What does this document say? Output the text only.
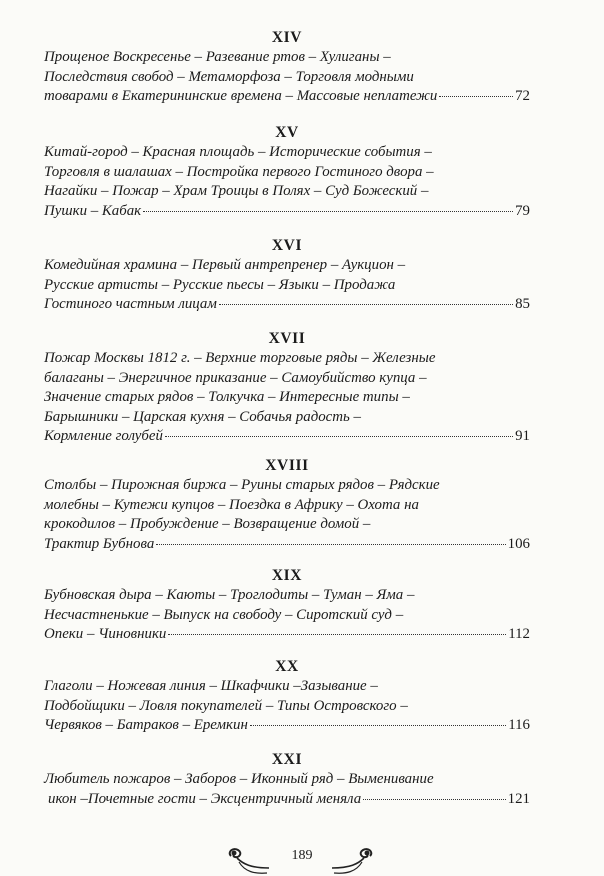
XIV
Прощеное Воскресенье – Разевание ртов – Хулиганы –
Последствия свобод – Метаморфоза – Торговля модными
товарами в Екатерининские времена – Массовые неплатежи	72
XV
Китай-город – Красная площадь – Исторические события –
Торговля в шалашах – Постройка первого Гостиного двора –
Нагайки – Пожар – Храм Троицы в Полях – Суд Божеский –
Пушки – Кабак	79
XVI
Комедийная храмина – Первый антрепренер – Аукцион –
Русские артисты – Русские пьесы – Языки – Продажа
Гостиного частным лицам	85
XVII
Пожар Москвы 1812 г. – Верхние торговые ряды – Железные
балаганы – Энергичное приказание – Самоубийство купца –
Значение старых рядов – Толкучка – Интересные типы –
Барышники – Царская кухня – Собачья радость –
Кормление голубей	91
XVIII
Столбы – Пирожная биржа – Руины старых рядов – Рядские
молебны – Кутежи купцов – Поездка в Африку – Охота на
крокодилов – Пробуждение – Возвращение домой –
Трактир Бубнова	106
XIX
Бубновская дыра – Каюты – Троглодиты – Туман – Яма –
Несчастненькие – Выпуск на свободу – Сиротский суд –
Опеки – Чиновники	112
XX
Глаголи – Ножевая линия – Шкафчики –Зазывание –
Подбойщики – Ловля покупателей – Типы Островского –
Червяков – Батраков – Еремкин	116
XXI
Любитель пожаров – Заборов – Иконный ряд – Выменивание
икон –Почетные гости – Эксцентричный меняла	121
189
